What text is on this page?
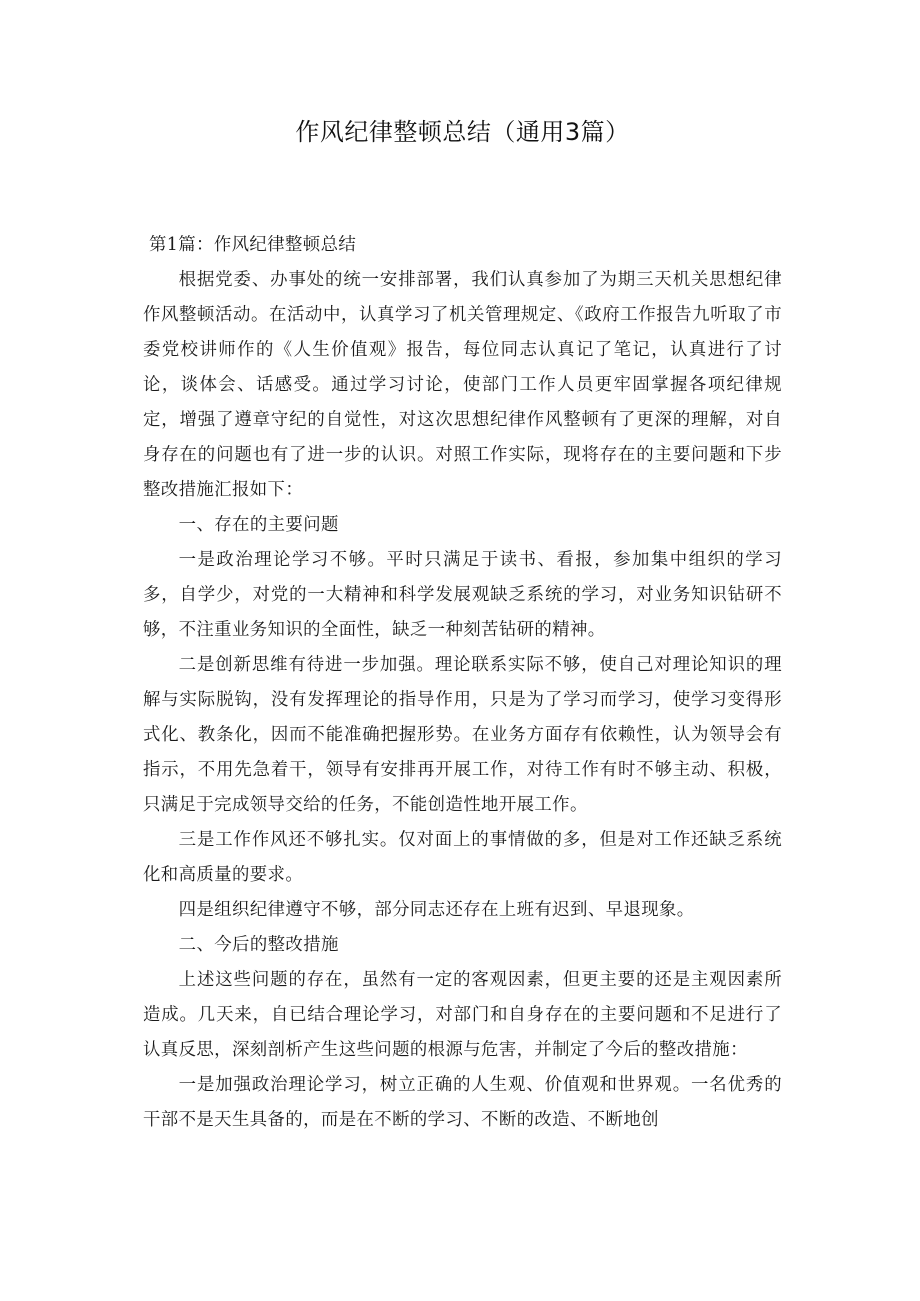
作风纪律整顿总结（通用3篇）

第1篇：作风纪律整顿总结

根据党委、办事处的统一安排部署，我们认真参加了为期三天机关思想纪律作风整顿活动。在活动中，认真学习了机关管理规定、《政府工作报告九听取了市委党校讲师作的《人生价值观》报告，每位同志认真记了笔记，认真进行了讨论，谈体会、话感受。通过学习讨论，使部门工作人员更牢固掌握各项纪律规定，增强了遵章守纪的自觉性，对这次思想纪律作风整顿有了更深的理解，对自身存在的问题也有了进一步的认识。对照工作实际，现将存在的主要问题和下步整改措施汇报如下：

一、存在的主要问题

一是政治理论学习不够。平时只满足于读书、看报，参加集中组织的学习多，自学少，对党的一大精神和科学发展观缺乏系统的学习，对业务知识钻研不够，不注重业务知识的全面性，缺乏一种刻苦钻研的精神。

二是创新思维有待进一步加强。理论联系实际不够，使自己对理论知识的理解与实际脱钩，没有发挥理论的指导作用，只是为了学习而学习，使学习变得形式化、教条化，因而不能准确把握形势。在业务方面存有依赖性，认为领导会有指示，不用先急着干，领导有安排再开展工作，对待工作有时不够主动、积极，只满足于完成领导交给的任务，不能创造性地开展工作。

三是工作作风还不够扎实。仅对面上的事情做的多，但是对工作还缺乏系统化和高质量的要求。

四是组织纪律遵守不够，部分同志还存在上班有迟到、早退现象。

二、今后的整改措施

上述这些问题的存在，虽然有一定的客观因素，但更主要的还是主观因素所造成。几天来，自已结合理论学习，对部门和自身存在的主要问题和不足进行了认真反思，深刻剖析产生这些问题的根源与危害，并制定了今后的整改措施：

一是加强政治理论学习，树立正确的人生观、价值观和世界观。一名优秀的干部不是天生具备的，而是在不断的学习、不断的改造、不断地创
